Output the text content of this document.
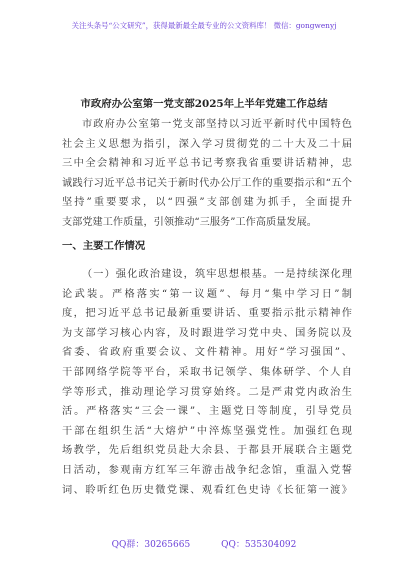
关注头条号“公文研究”，获得最新最全最专业的公文资料库！ 微信：gongwenyj
市政府办公室第一党支部2025年上半年党建工作总结
市政府办公室第一党支部坚持以习近平新时代中国特色
社会主义思想为指引，深入学习贯彻党的二十大及二十届
三中全会精神和习近平总书记考察我省重要讲话精神，忠
诚践行习近平总书记关于新时代办公厅工作的重要指示和“五个
坚持”重要要求，以“四强”支部创建为抓手，全面提升
支部党建工作质量，引领推动“三服务”工作高质量发展。
一、主要工作情况
（一）强化政治建设，筑牢思想根基。一是持续深化理
论武装。严格落实“第一议题”、每月“集中学习日”制
度，把习近平总书记最新重要讲话、重要指示批示精神作
为支部学习核心内容，及时跟进学习党中央、国务院以及
省委、省政府重要会议、文件精神。用好“学习强国”、
干部网络学院等平台，采取书记领学、集体研学、个人自
学等形式，推动理论学习贯穿始终。二是严肃党内政治生
活。严格落实“三会一课”、主题党日等制度，引导党员
干部在组织生活“大熔炉”中淬炼坚强党性。加强红色现
场教学，先后组织党员赴大余县、于都县开展联合主题党
日活动，参观南方红军三年游击战争纪念馆，重温入党誓
词、聆听红色历史微党课、观看红色史诗《长征第一渡》
QQ群：30265665	QQ：535304092
